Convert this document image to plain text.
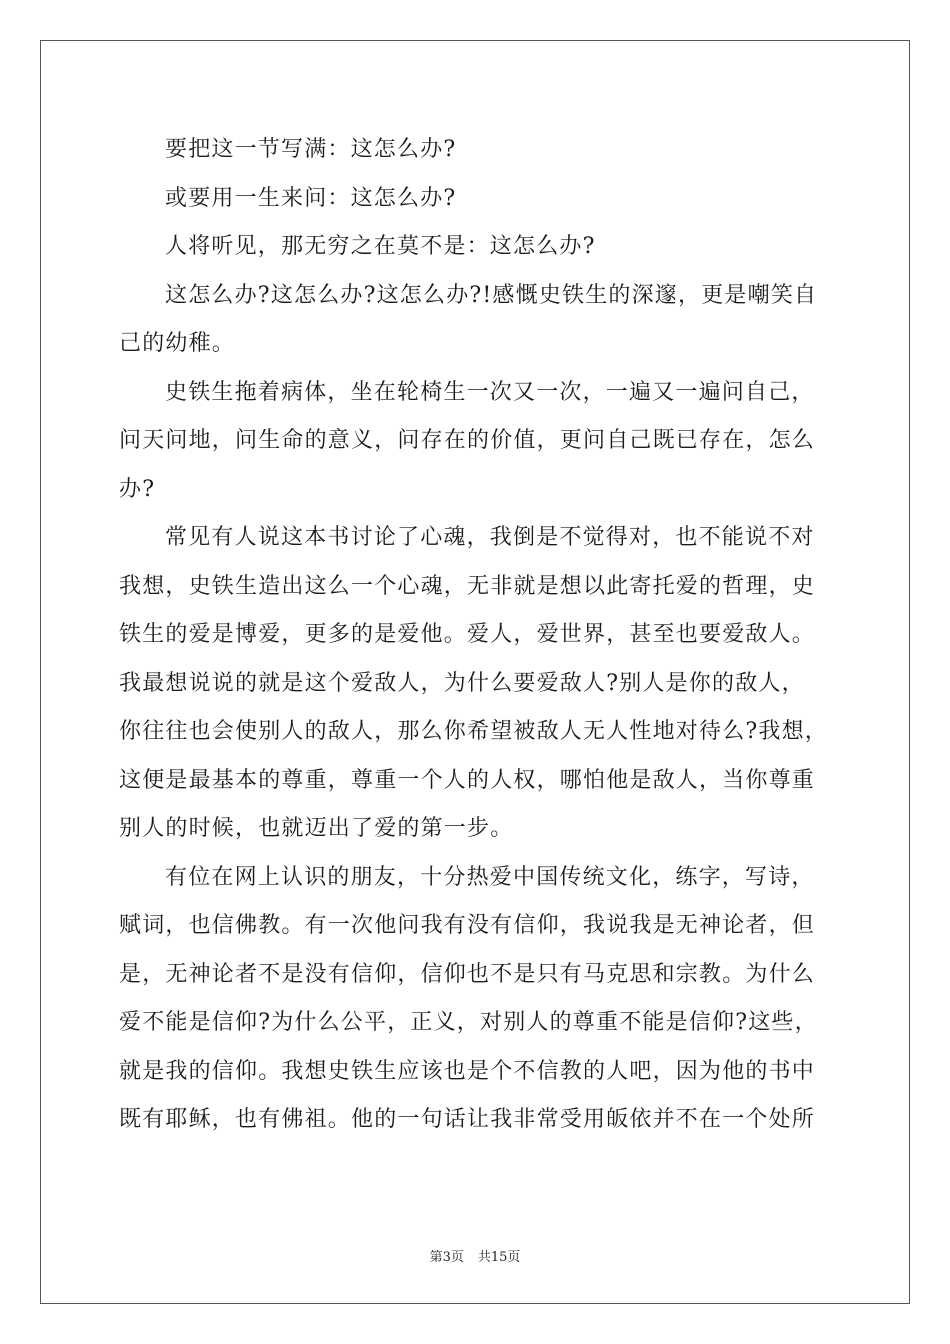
要把这一节写满：这怎么办?
或要用一生来问：这怎么办?
人将听见，那无穷之在莫不是：这怎么办?
这怎么办?这怎么办?这怎么办?!感慨史铁生的深邃，更是嘲笑自
己的幼稚。
史铁生拖着病体，坐在轮椅生一次又一次，一遍又一遍问自己，
问天问地，问生命的意义，问存在的价值，更问自己既已存在，怎么
办?
常见有人说这本书讨论了心魂，我倒是不觉得对，也不能说不对
我想，史铁生造出这么一个心魂，无非就是想以此寄托爱的哲理，史
铁生的爱是博爱，更多的是爱他。爱人，爱世界，甚至也要爱敌人。
我最想说说的就是这个爱敌人，为什么要爱敌人?别人是你的敌人，
你往往也会使别人的敌人，那么你希望被敌人无人性地对待么?我想，
这便是最基本的尊重，尊重一个人的人权，哪怕他是敌人，当你尊重
别人的时候，也就迈出了爱的第一步。
有位在网上认识的朋友，十分热爱中国传统文化，练字，写诗，
赋词，也信佛教。有一次他问我有没有信仰，我说我是无神论者，但
是，无神论者不是没有信仰，信仰也不是只有马克思和宗教。为什么
爱不能是信仰?为什么公平，正义，对别人的尊重不能是信仰?这些，
就是我的信仰。我想史铁生应该也是个不信教的人吧，因为他的书中
既有耶稣，也有佛祖。他的一句话让我非常受用皈依并不在一个处所
第3页 共15页
